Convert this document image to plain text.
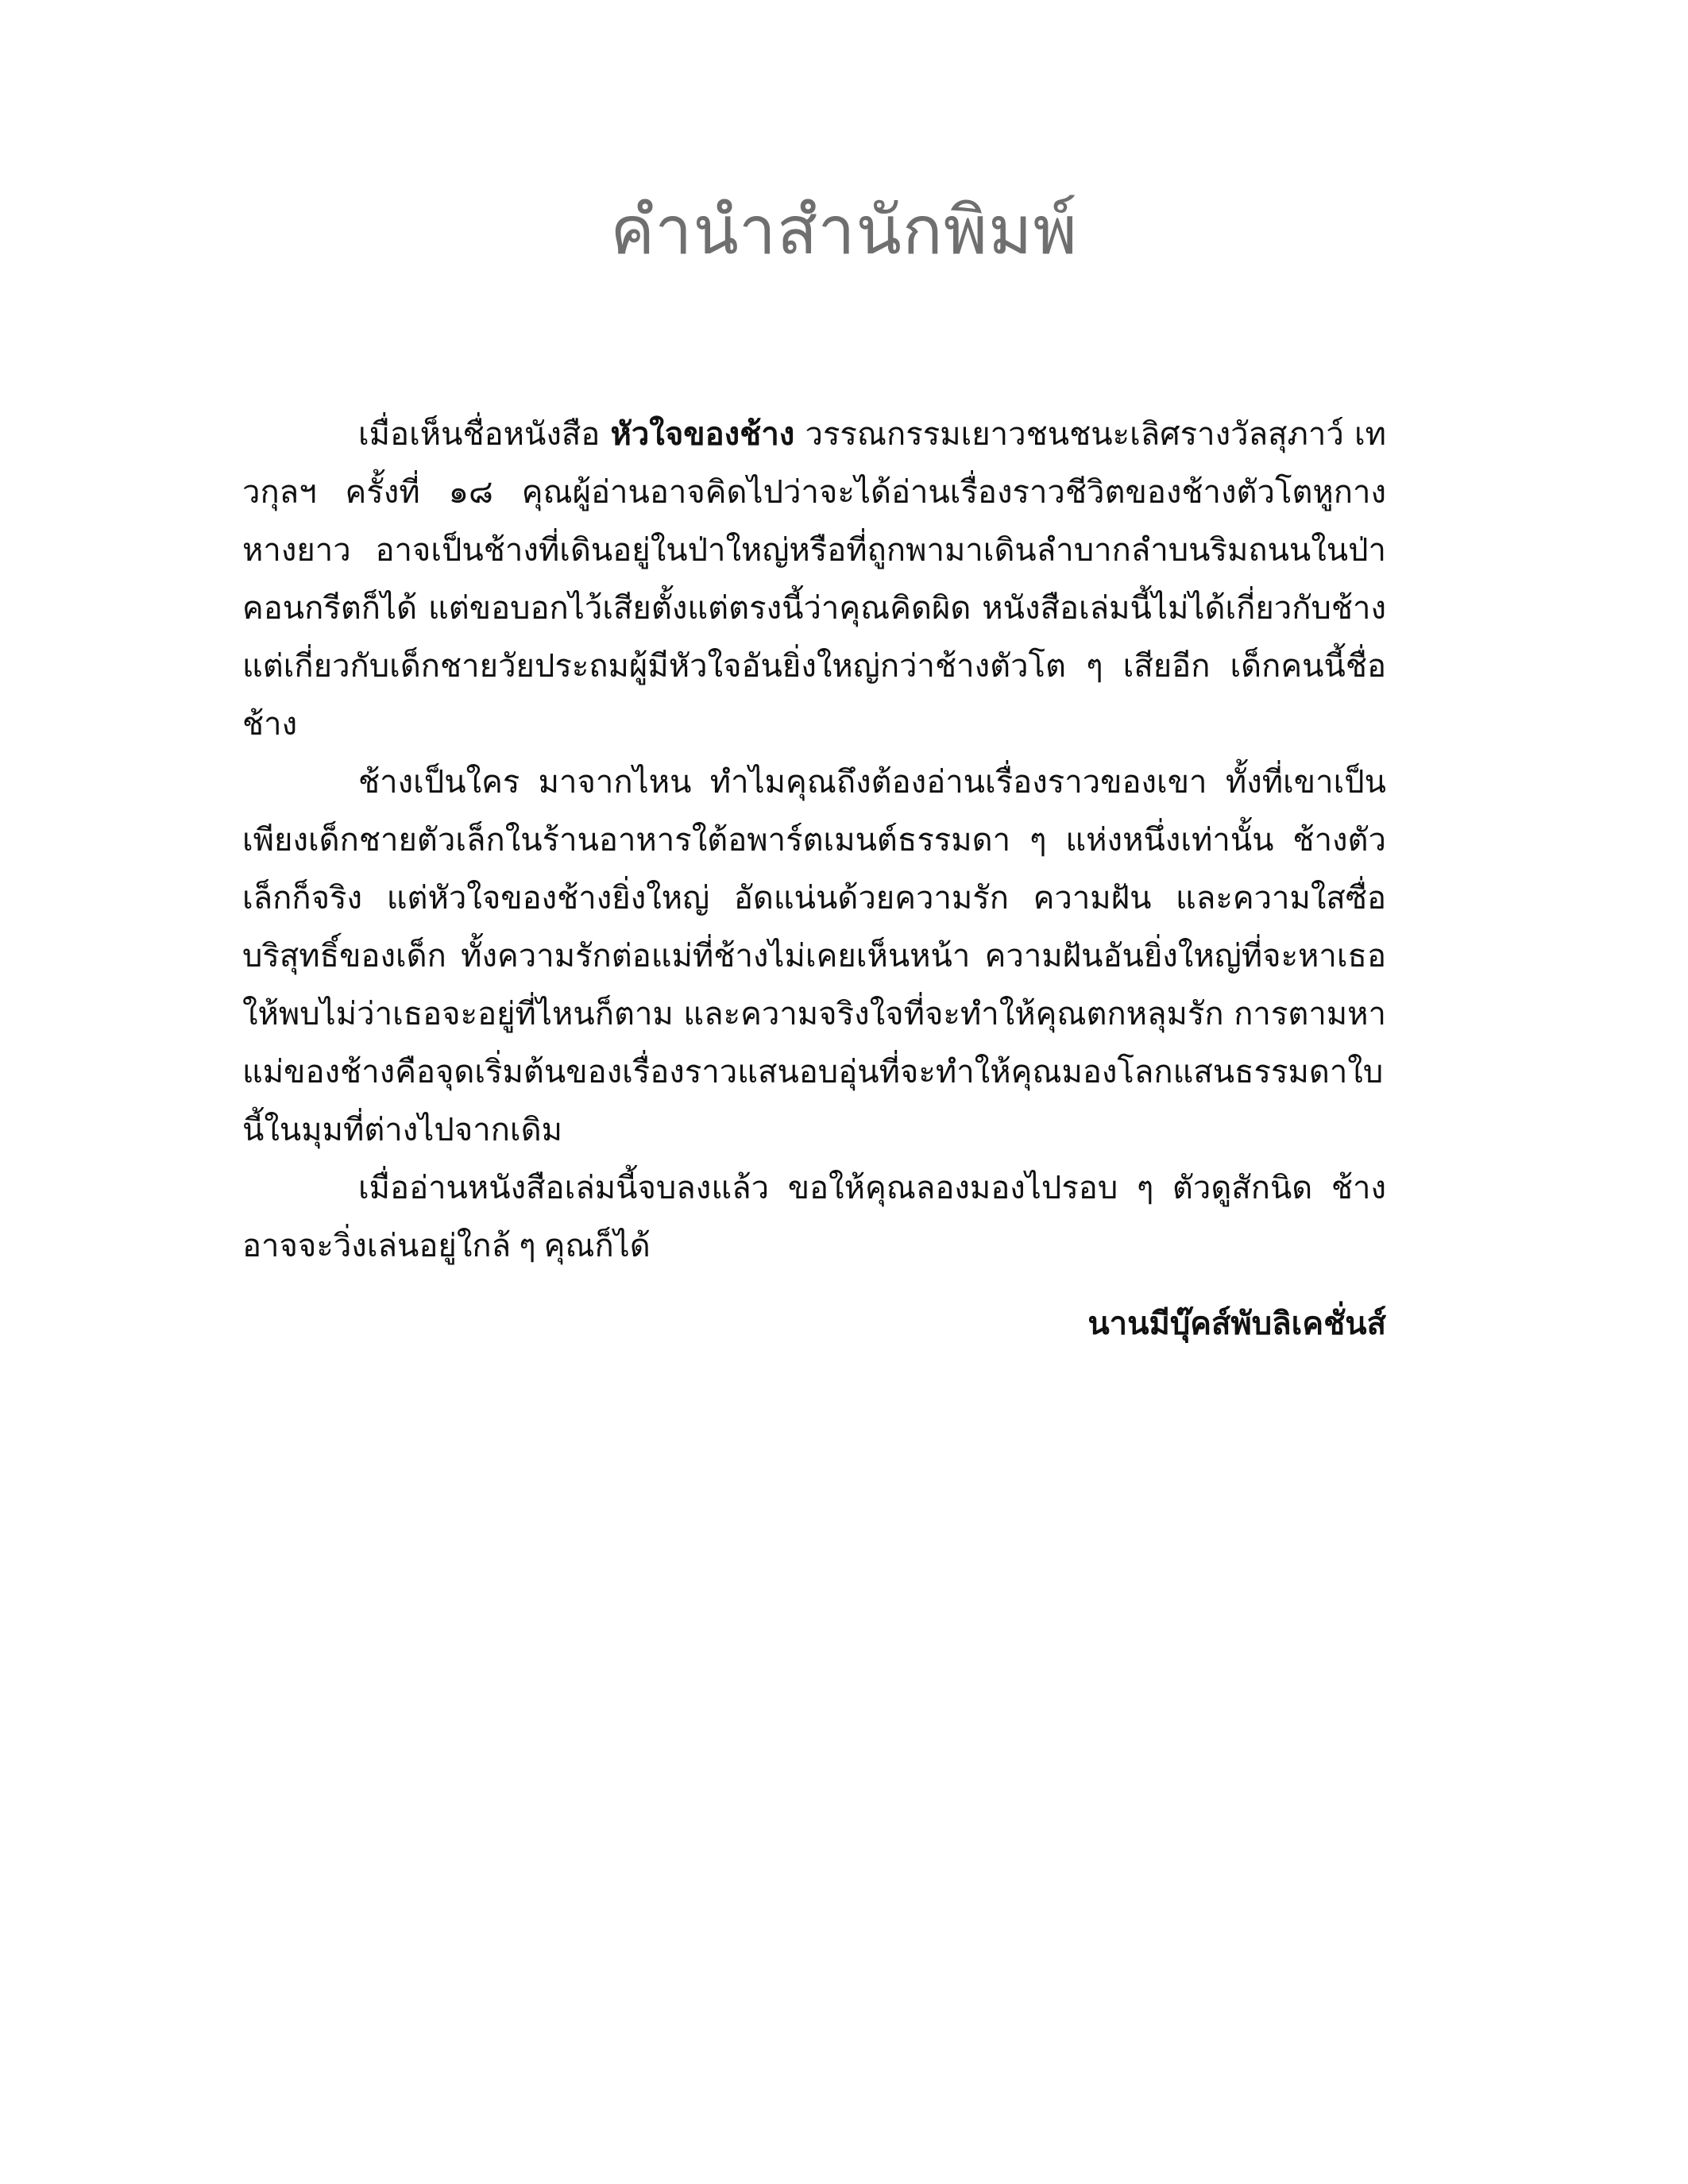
คำนำสำนักพิมพ์

เมื่อเห็นชื่อหนังสือ หัวใจของช้าง วรรณกรรมเยาวชนชนะเลิศรางวัลสุภาว์ เทวกุลฯ ครั้งที่ ๑๘ คุณผู้อ่านอาจคิดไปว่าจะได้อ่านเรื่องราวชีวิตของช้างตัวโตหูกางหางยาว อาจเป็นช้างที่เดินอยู่ในป่าใหญ่หรือที่ถูกพามาเดินลำบากลำบนริมถนนในป่าคอนกรีตก็ได้ แต่ขอบอกไว้เสียตั้งแต่ตรงนี้ว่าคุณคิดผิด หนังสือเล่มนี้ไม่ได้เกี่ยวกับช้าง แต่เกี่ยวกับเด็กชายวัยประถมผู้มีหัวใจอันยิ่งใหญ่กว่าช้างตัวโต ๆ เสียอีก เด็กคนนี้ชื่อช้าง

ช้างเป็นใคร มาจากไหน ทำไมคุณถึงต้องอ่านเรื่องราวของเขา ทั้งที่เขาเป็นเพียงเด็กชายตัวเล็กในร้านอาหารใต้อพาร์ตเมนต์ธรรมดา ๆ แห่งหนึ่งเท่านั้น ช้างตัวเล็กก็จริง แต่หัวใจของช้างยิ่งใหญ่ อัดแน่นด้วยความรัก ความฝัน และความใสซื่อบริสุทธิ์ของเด็ก ทั้งความรักต่อแม่ที่ช้างไม่เคยเห็นหน้า ความฝันอันยิ่งใหญ่ที่จะหาเธอให้พบไม่ว่าเธอจะอยู่ที่ไหนก็ตาม และความจริงใจที่จะทำให้คุณตกหลุมรัก การตามหาแม่ของช้างคือจุดเริ่มต้นของเรื่องราวแสนอบอุ่นที่จะทำให้คุณมองโลกแสนธรรมดาใบนี้ในมุมที่ต่างไปจากเดิม

เมื่ออ่านหนังสือเล่มนี้จบลงแล้ว ขอให้คุณลองมองไปรอบ ๆ ตัวดูสักนิด ช้างอาจจะวิ่งเล่นอยู่ใกล้ ๆ คุณก็ได้

นานมีบุ๊คส์พับลิเคชั่นส์
